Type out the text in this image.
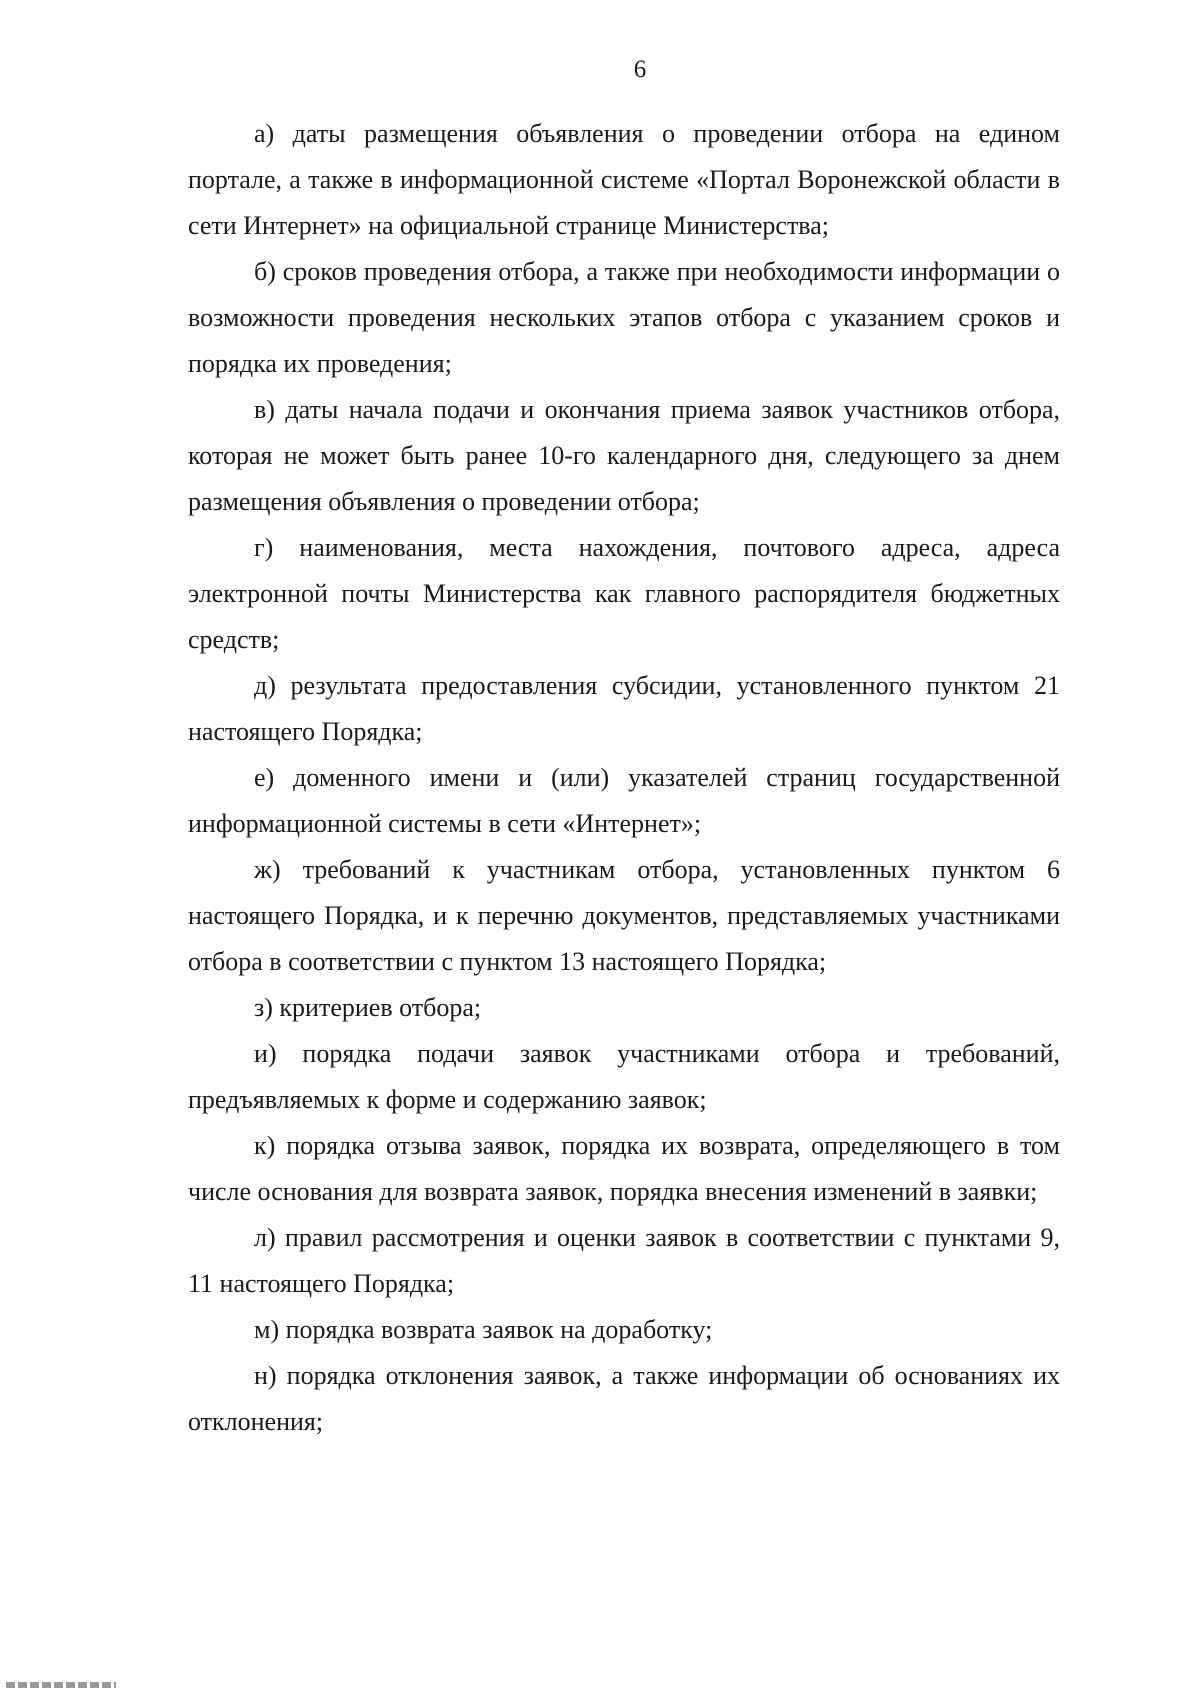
6

а) даты размещения объявления о проведении отбора на едином портале, а также в информационной системе «Портал Воронежской области в сети Интернет» на официальной странице Министерства;

б) сроков проведения отбора, а также при необходимости информации о возможности проведения нескольких этапов отбора с указанием сроков и порядка их проведения;

в) даты начала подачи и окончания приема заявок участников отбора, которая не может быть ранее 10-го календарного дня, следующего за днем размещения объявления о проведении отбора;

г) наименования, места нахождения, почтового адреса, адреса электронной почты Министерства как главного распорядителя бюджетных средств;

д) результата предоставления субсидии, установленного пунктом 21 настоящего Порядка;

е) доменного имени и (или) указателей страниц государственной информационной системы в сети «Интернет»;

ж) требований к участникам отбора, установленных пунктом 6 настоящего Порядка, и к перечню документов, представляемых участниками отбора в соответствии с пунктом 13 настоящего Порядка;

з) критериев отбора;

и) порядка подачи заявок участниками отбора и требований, предъявляемых к форме и содержанию заявок;

к) порядка отзыва заявок, порядка их возврата, определяющего в том числе основания для возврата заявок, порядка внесения изменений в заявки;

л) правил рассмотрения и оценки заявок в соответствии с пунктами 9, 11 настоящего Порядка;

м) порядка возврата заявок на доработку;

н) порядка отклонения заявок, а также информации об основаниях их отклонения;
